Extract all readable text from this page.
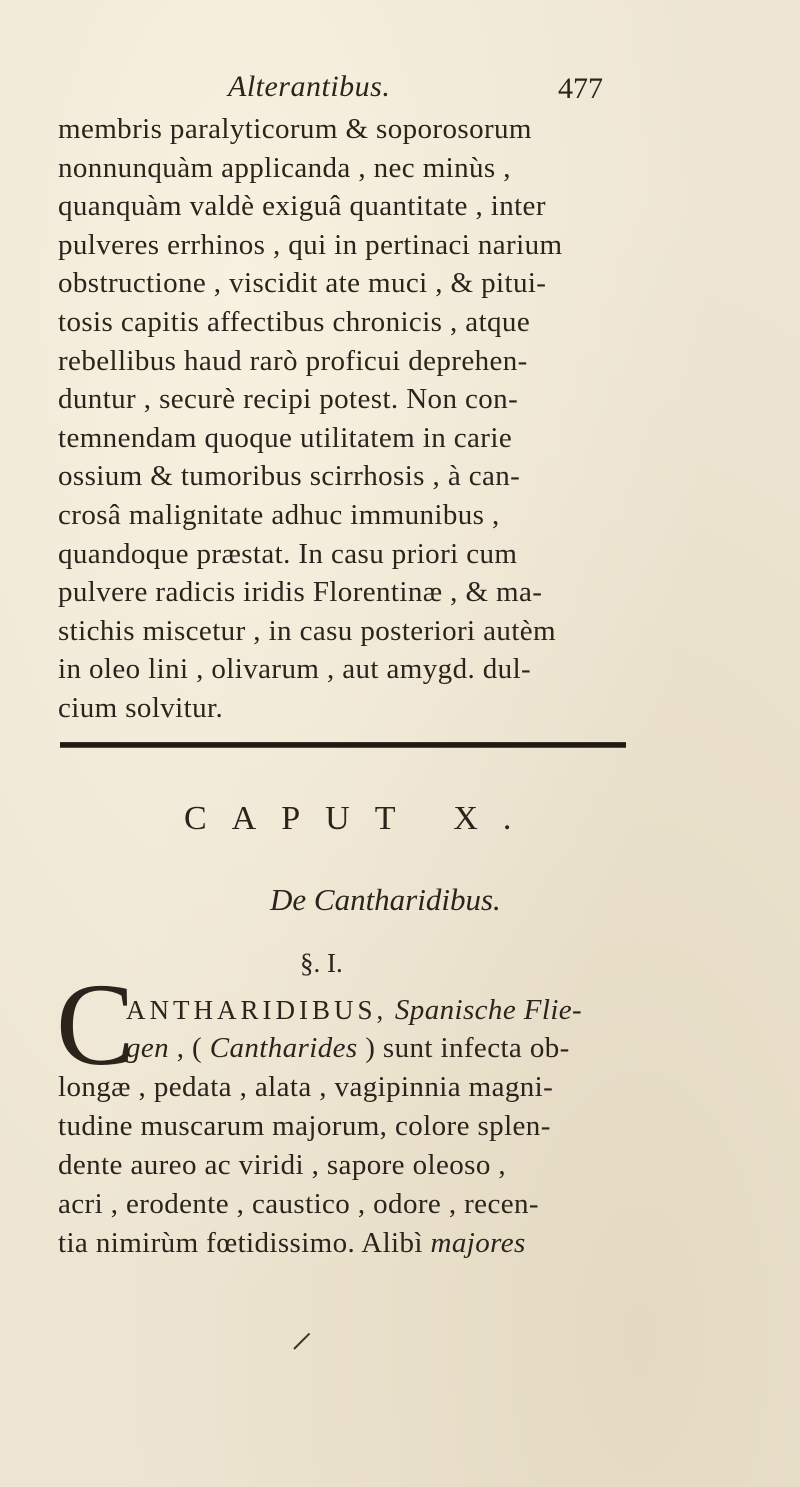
Alterantibus.	477
membris paralyticorum & soporosorum
nonnunquàm applicanda , nec minùs ,
quanquàm valdè exiguâ quantitate , inter
pulveres errhinos , qui in pertinaci narium
obstructione , viscidit ate muci , & pitui-
tosis capitis affectibus chronicis , atque
rebellibus haud rarò proficui deprehen-
duntur , securè recipi potest. Non con-
temnendam quoque utilitatem in carie
ossium & tumoribus scirrhosis , à can-
crosâ malignitate adhuc immunibus ,
quandoque præstat. In casu priori cum
pulvere radicis iridis Florentinæ , & ma-
stichis miscetur , in casu posteriori autèm
in oleo lini , olivarum , aut amygd. dul-
cium solvitur.
CAPUT X.
De Cantharidibus.
§. I.
C
ANTHARIDIBUS, Spanische Flie-
gen , ( Cantharides ) sunt infecta ob-
longæ , pedata , alata , vagipinnia magni-
tudine muscarum majorum, colore splen-
dente aureo ac viridi , sapore oleoso ,
acri , erodente , caustico , odore , recen-
tia nimirùm fœtidissimo. Alibì majores
